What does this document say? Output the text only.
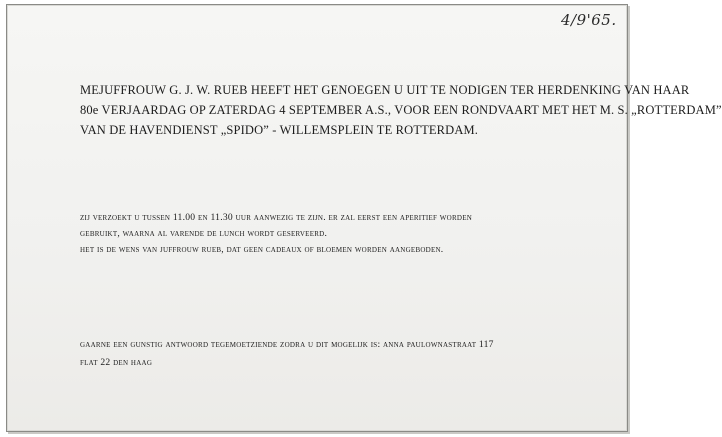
4/9'65.

MEJUFFROUW G. J. W. RUEB HEEFT HET GENOEGEN U UIT TE NODIGEN TER HERDENKING VAN HAAR
80e VERJAARDAG OP ZATERDAG 4 SEPTEMBER A.S., VOOR EEN RONDVAART MET HET M. S. „ROTTERDAM”
VAN DE HAVENDIENST „SPIDO” - WILLEMSPLEIN TE ROTTERDAM.

zij verzoekt u tussen 11.00 en 11.30 uur aanwezig te zijn. er zal eerst een aperitief worden
gebruikt, waarna al varende de lunch wordt geserveerd.
het is de wens van juffrouw rueb, dat geen cadeaux of bloemen worden aangeboden.

gaarne een gunstig antwoord tegemoetziende zodra u dit mogelijk is: anna paulownastraat 117
flat 22 den haag
